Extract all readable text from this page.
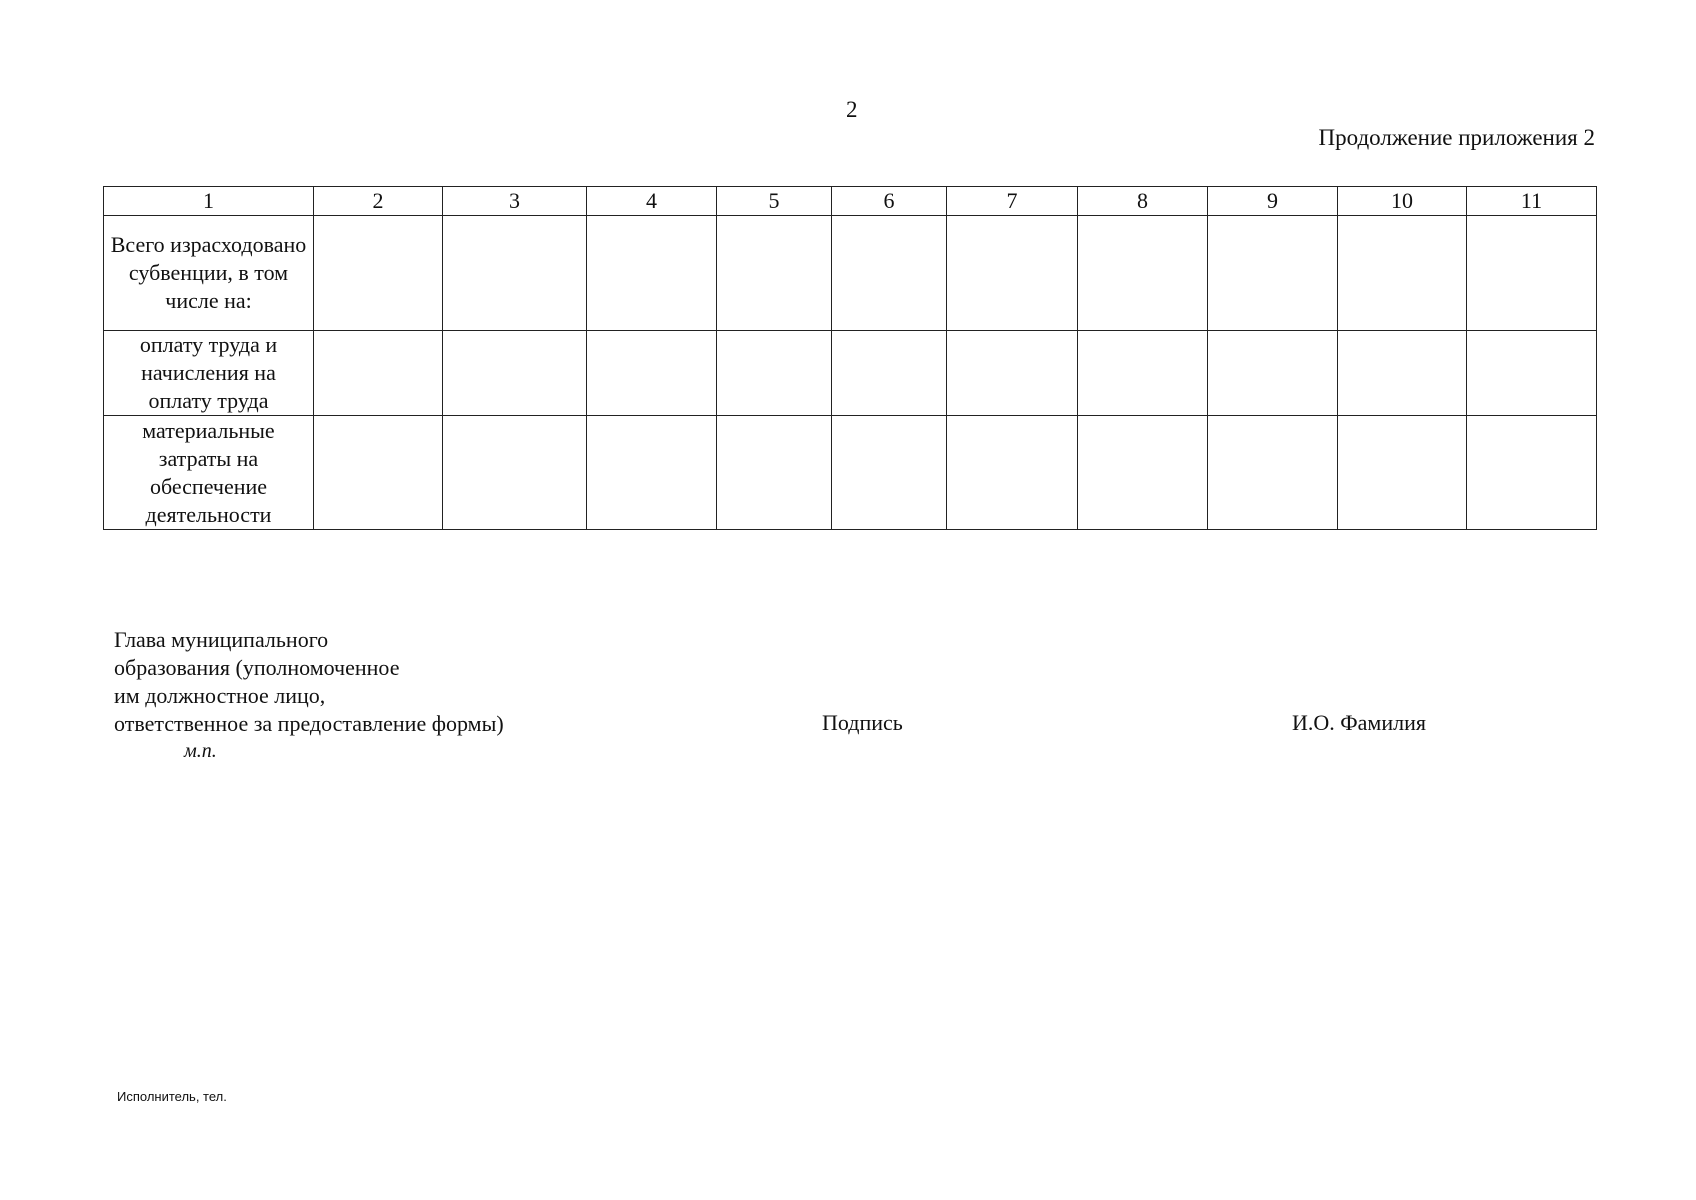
2
Продолжение приложения 2
1	2	3	4	5	6	7	8	9	10	11

Всего израсходовано субвенции, в том числе на:										

оплату труда и начисления на оплату труда										

материальные затраты на обеспечение деятельности										

Глава муниципального
образования (уполномоченное
им должностное лицо,
ответственное за предоставление формы)
м.п.
Подпись	И.О. Фамилия
Исполнитель, тел.
